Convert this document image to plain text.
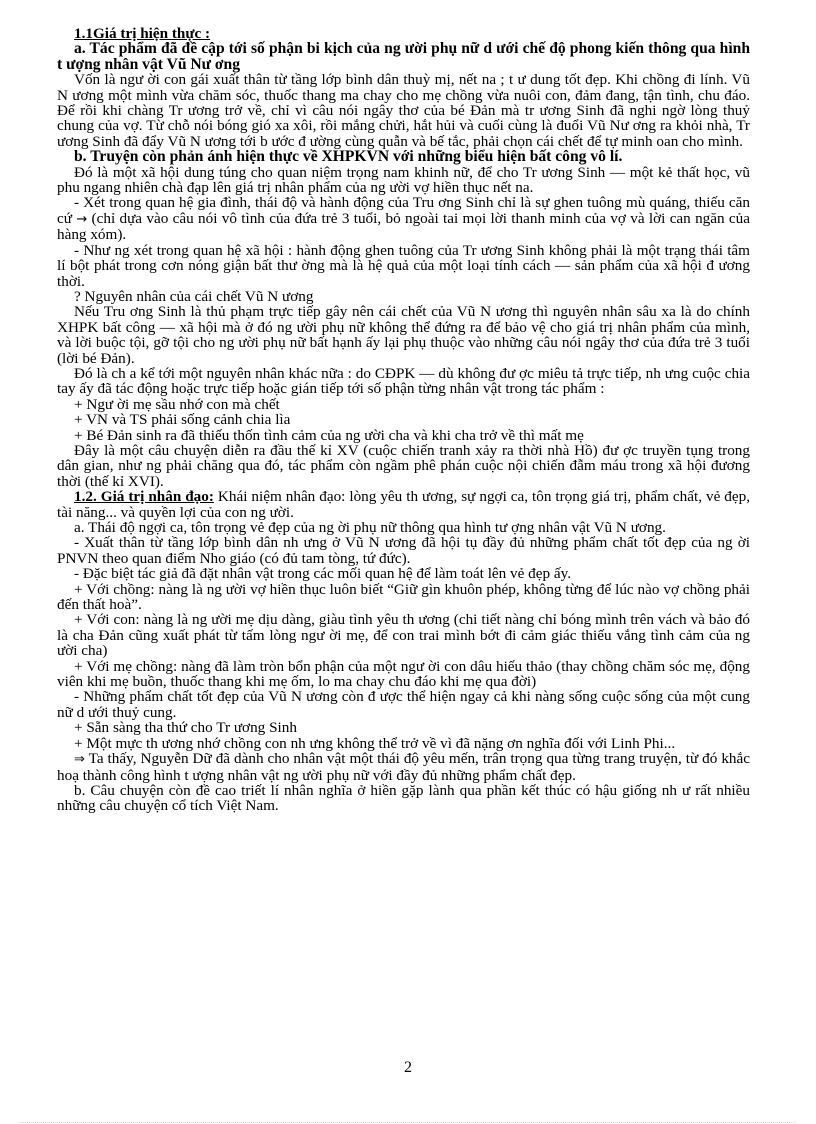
1.1Giá trị hiện thực :

a. Tác phẩm đã đề cập tới số phận bi kịch của ng ười phụ nữ d ưới chế độ phong kiến thông qua hình t ượng nhân vật Vũ Nư ơng

Vốn là ngư ời con gái xuất thân từ tầng lớp bình dân thuỳ mị, nết na ; t ư dung tốt đẹp. Khi chồng đi lính. Vũ N ương một mình vừa chăm sóc, thuốc thang ma chay cho mẹ chồng vừa nuôi con, đảm đang, tận tình, chu đáo. Để rồi khi chàng Tr ương trở về, chỉ vì câu nói ngây thơ của bé Đản mà tr ương Sinh đã nghi ngờ lòng thuỷ chung của vợ. Từ chỗ nói bóng gió xa xôi, rồi mắng chửi, hắt hủi và cuối cùng là đuổi Vũ Nư ơng ra khỏi nhà, Tr ương Sinh đã đẩy Vũ N ương tới b ước đ ường cùng quẫn và bế tắc, phải chọn cái chết để tự minh oan cho mình.

b. Truyện còn phản ánh hiện thực về XHPKVN với những biểu hiện bất công vô lí.

Đó là một xã hội dung túng cho quan niệm trọng nam khinh nữ, để cho Tr ương Sinh — một kẻ thất học, vũ phu ngang nhiên chà đạp lên giá trị nhân phẩm của ng ười vợ hiền thục nết na.

- Xét trong quan hệ gia đình, thái độ và hành động của Tru ơng Sinh chỉ là sự ghen tuông mù quáng, thiếu căn cứ → (chỉ dựa vào câu nói vô tình của đứa trẻ 3 tuổi, bỏ ngoài tai mọi lời thanh minh của vợ và lời can ngăn của hàng xóm).

- Như ng xét trong quan hệ xã hội : hành động ghen tuông của Tr ương Sinh không phải là một trạng thái tâm lí bột phát trong cơn nóng giận bất thư ờng mà là hệ quả của một loại tính cách — sản phẩm của xã hội đ ương thời.

? Nguyên nhân của cái chết Vũ N ương

Nếu Tru ơng Sinh là thủ phạm trực tiếp gây nên cái chết của Vũ N ương thì nguyên nhân sâu xa là do chính XHPK bất công — xã hội mà ở đó ng ười phụ nữ không thể đứng ra để bảo vệ cho giá trị nhân phẩm của mình, và lời buộc tội, gỡ tội cho ng ười phụ nữ bất hạnh ấy lại phụ thuộc vào những câu nói ngây thơ của đứa trẻ 3 tuổi (lời bé Đản).

Đó là ch a kể tới một nguyên nhân khác nữa : do CĐPK — dù không đư ợc miêu tả trực tiếp, nh ưng cuộc chia tay ấy đã tác động hoặc trực tiếp hoặc gián tiếp tới số phận từng nhân vật trong tác phẩm :

+ Ngư ời mẹ sầu nhớ con mà chết

+ VN và TS phải sống cảnh chia lìa

+ Bé Đản sinh ra đã thiếu thốn tình cảm của ng ười cha và khi cha trở về thì mất mẹ

Đây là một câu chuyện diễn ra đầu thế kỉ XV (cuộc chiến tranh xảy ra thời nhà Hồ) đư ợc truyền tụng trong dân gian, như ng phải chăng qua đó, tác phẩm còn ngầm phê phán cuộc nội chiến đẫm máu trong xã hội đương thời (thế kỉ XVI).

1.2. Giá trị nhân đạo: Khái niệm nhân đạo: lòng yêu th ương, sự ngợi ca, tôn trọng giá trị, phẩm chất, vẻ đẹp, tài năng... và quyền lợi của con ng ười.

a. Thái độ ngợi ca, tôn trọng vẻ đẹp của ng ời phụ nữ thông qua hình tư ợng nhân vật Vũ N ương.

- Xuất thân từ tầng lớp bình dân nh ưng ở Vũ N ương đã hội tụ đầy đủ những phẩm chất tốt đẹp của ng ời PNVN theo quan điểm Nho giáo (có đủ tam tòng, tứ đức).

- Đặc biệt tác giả đã đặt nhân vật trong các mối quan hệ để làm toát lên vẻ đẹp ấy.

+ Với chồng: nàng là ng ười vợ hiền thục luôn biết “Giữ gìn khuôn phép, không từng để lúc nào vợ chồng phải đến thất hoà”.

+ Với con: nàng là ng ười mẹ dịu dàng, giàu tình yêu th ương (chi tiết nàng chỉ bóng mình trên vách và bảo đó là cha Đản cũng xuất phát từ tấm lòng ngư ời mẹ, để con trai mình bớt đi cảm giác thiếu vắng tình cảm của ng ười cha)

+ Với mẹ chồng: nàng đã làm tròn bổn phận của một ngư ời con dâu hiếu thảo (thay chồng chăm sóc mẹ, động viên khi mẹ buồn, thuốc thang khi mẹ ốm, lo ma chay chu đáo khi mẹ qua đời)

- Những phẩm chất tốt đẹp của Vũ N ương còn đ ược thể hiện ngay cả khi nàng sống cuộc sống của một cung nữ d ưới thuỷ cung.

+ Sẵn sàng tha thứ cho Tr ương Sinh

+ Một mực th ương nhớ chồng con nh ưng không thể trở về vì đã nặng ơn nghĩa đối với Linh Phi...

⇒ Ta thấy, Nguyễn Dữ đã dành cho nhân vật một thái độ yêu mến, trân trọng qua từng trang truyện, từ đó khắc hoạ thành công hình t ượng nhân vật ng ười phụ nữ với đầy đủ những phẩm chất đẹp.

b. Câu chuyện còn đề cao triết lí nhân nghĩa ở hiền gặp lành qua phần kết thúc có hậu giống nh ư rất nhiều những câu chuyện cổ tích Việt Nam.

2
